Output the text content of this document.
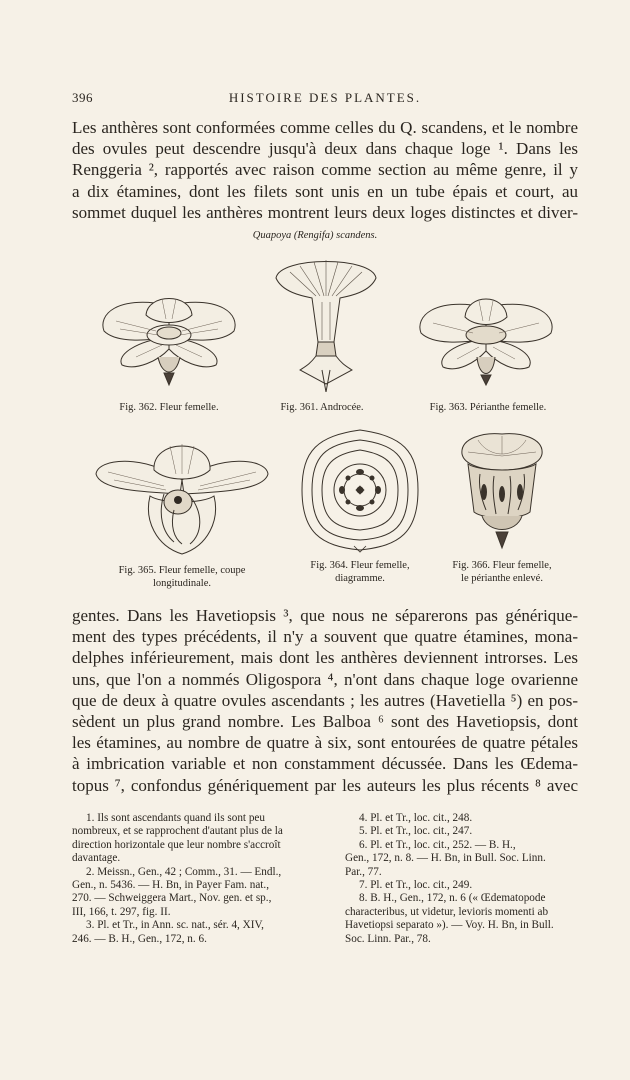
396	HISTOIRE DES PLANTES.
Les anthères sont conformées comme celles du Q. scandens, et le nombre
des ovules peut descendre jusqu'à deux dans chaque loge ¹. Dans les
Renggeria ², rapportés avec raison comme section au même genre, il y
a dix étamines, dont les filets sont unis en un tube épais et court, au
sommet duquel les anthères montrent leurs deux loges distinctes et diver-
Quapoya (Rengifa) scandens.
Fig. 362. Fleur femelle.	Fig. 361. Androcée.	Fig. 363. Périanthe femelle.
Fig. 365. Fleur femelle, coupe
longitudinale.
Fig. 364. Fleur femelle,
diagramme.
Fig. 366. Fleur femelle,
le périanthe enlevé.
gentes. Dans les Havetiopsis ³, que nous ne séparerons pas générique-
ment des types précédents, il n'y a souvent que quatre étamines, mona-
delphes inférieurement, mais dont les anthères deviennent introrses. Les
uns, que l'on a nommés Oligospora ⁴, n'ont dans chaque loge ovarienne
que de deux à quatre ovules ascendants ; les autres (Havetiella ⁵) en pos-
sèdent un plus grand nombre. Les Balboa ⁶ sont des Havetiopsis, dont
les étamines, au nombre de quatre à six, sont entourées de quatre pétales
à imbrication variable et non constamment décussée. Dans les Œdema-
topus ⁷, confondus génériquement par les auteurs les plus récents ⁸ avec
1. Ils sont ascendants quand ils sont peu
nombreux, et se rapprochent d'autant plus de la
direction horizontale que leur nombre s'accroît
davantage.
2. Meissn., Gen., 42 ; Comm., 31. — Endl.,
Gen., n. 5436. — H. Bn, in Payer Fam. nat.,
270. — Schweiggera Mart., Nov. gen. et sp.,
III, 166, t. 297, fig. II.
3. Pl. et Tr., in Ann. sc. nat., sér. 4, XIV,
246. — B. H., Gen., 172, n. 6.
4. Pl. et Tr., loc. cit., 248.
5. Pl. et Tr., loc. cit., 247.
6. Pl. et Tr., loc. cit., 252. — B. H.,
Gen., 172, n. 8. — H. Bn, in Bull. Soc. Linn.
Par., 77.
7. Pl. et Tr., loc. cit., 249.
8. B. H., Gen., 172, n. 6 (« Œdematopode
characteribus, ut videtur, levioris momenti ab
Havetiopsi separato »). — Voy. H. Bn, in Bull.
Soc. Linn. Par., 78.
